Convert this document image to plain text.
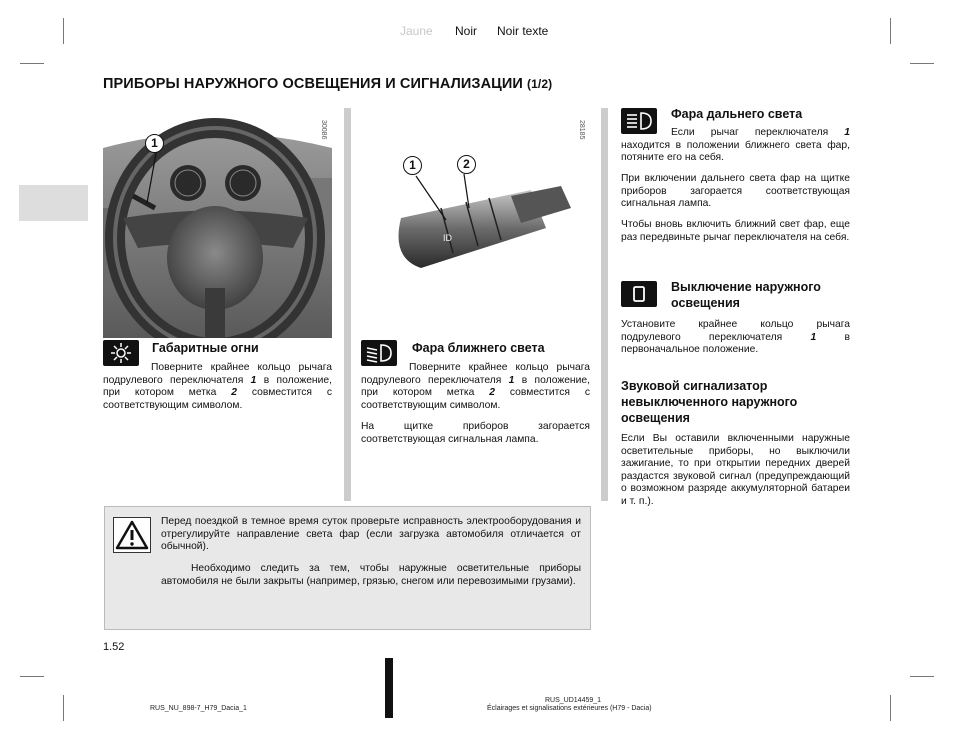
Jaune Noir Noir texte
ПРИБОРЫ НАРУЖНОГО ОСВЕЩЕНИЯ И СИГНАЛИЗАЦИИ (1/2)
1
30086
ID
1	2
28185
Габаритные огни
Поверните крайнее кольцо рычага подрулевого переключателя 1 в положение, при котором метка 2 совместится с соответствующим символом.
Фара ближнего света
Поверните крайнее кольцо рычага подрулевого переключателя 1 в положение, при котором метка 2 совместится с соответствующим символом.
На щитке приборов загорается соответствующая сигнальная лампа.
Фара дальнего света
Если рычаг переключателя 1 находится в положении ближнего света фар, потяните его на себя.
При включении дальнего света фар на щитке приборов загорается соответствующая сигнальная лампа.
Чтобы вновь включить ближний свет фар, еще раз передвиньте рычаг переключателя на себя.
Выключение наружного
освещения
Установите крайнее кольцо рычага подрулевого переключателя	1	в первоначальное положение.
Звуковой сигнализатор
невыключенного наружного
освещения
Если Вы оставили включенными наружные осветительные приборы, но выключили зажигание, то при открытии передних дверей раздастся звуковой сигнал (предупреждающий о возможном разряде аккумуляторной батареи и т. п.).
Перед поездкой в темное время суток проверьте исправность электрооборудования и отрегулируйте направление света фар (если загрузка автомобиля отличается от обычной).
Необходимо следить за тем, чтобы наружные осветительные приборы автомобиля не были закрыты (например, грязью, снегом или перевозимыми грузами).
1.52
RUS_NU_898-7_H79_Dacia_1
RUS_UD14459_1
Éclairages et signalisations extérieures (H79 - Dacia)
